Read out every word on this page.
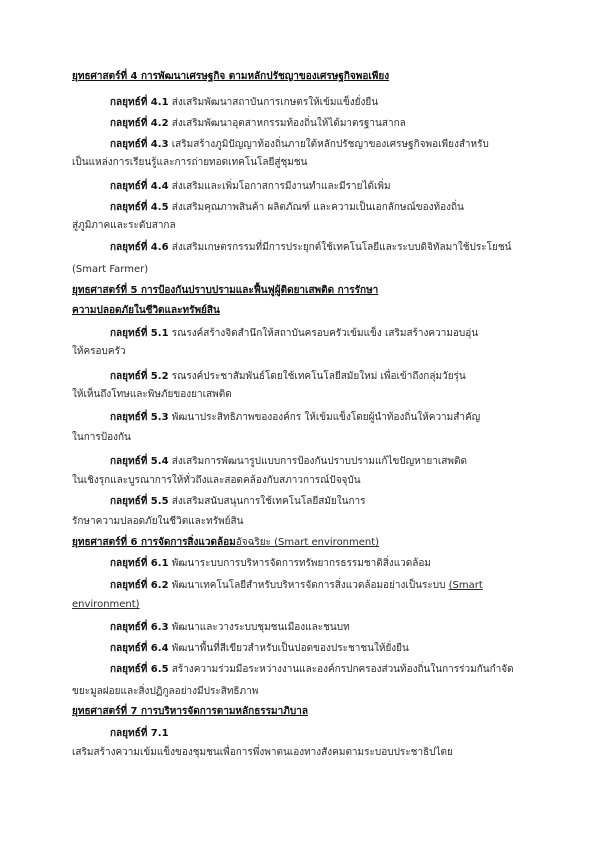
ยุทธศาสตร์ที่ 4 การพัฒนาเศรษฐกิจ ตามหลักปรัชญาของเศรษฐกิจพอเพียง
กลยุทธ์ที่ 4.1 ส่งเสริมพัฒนาสถาบันการเกษตรให้เข้มแข็งยั่งยืน
กลยุทธ์ที่ 4.2 ส่งเสริมพัฒนาอุตสาหกรรมท้องถิ่นให้ได้มาตรฐานสากล
กลยุทธ์ที่ 4.3 เสริมสร้างภูมิปัญญาท้องถิ่นภายใต้หลักปรัชญาของเศรษฐกิจพอเพียงสำหรับ
เป็นแหล่งการเรียนรู้และการถ่ายทอดเทคโนโลยีสู่ชุมชน
กลยุทธ์ที่ 4.4 ส่งเสริมและเพิ่มโอกาสการมีงานทำและมีรายได้เพิ่ม
กลยุทธ์ที่ 4.5 ส่งเสริมคุณภาพสินค้า ผลิตภัณฑ์ และความเป็นเอกลักษณ์ของท้องถิ่น
สู่ภูมิภาคและระดับสากล
กลยุทธ์ที่ 4.6 ส่งเสริมเกษตรกรรมที่มีการประยุกต์ใช้เทคโนโลยีและระบบดิจิทัลมาใช้ประโยชน์
(Smart Farmer)
ยุทธศาสตร์ที่ 5 การป้องกันปราบปรามและฟื้นฟูผู้ติดยาเสพติด การรักษา
ความปลอดภัยในชีวิตและทรัพย์สิน
กลยุทธ์ที่ 5.1 รณรงค์สร้างจิตสำนึกให้สถาบันครอบครัวเข้มแข็ง เสริมสร้างความอบอุ่น
ให้ครอบครัว
กลยุทธ์ที่ 5.2 รณรงค์ประชาสัมพันธ์โดยใช้เทคโนโลยีสมัยใหม่ เพื่อเข้าถึงกลุ่มวัยรุ่น
ให้เห็นถึงโทษและพิษภัยของยาเสพติด
กลยุทธ์ที่ 5.3 พัฒนาประสิทธิภาพขององค์กร ให้เข้มแข็งโดยผู้นำท้องถิ่นให้ความสำคัญ
ในการป้องกัน
กลยุทธ์ที่ 5.4 ส่งเสริมการพัฒนารูปแบบการป้องกันปราบปรามแก้ไขปัญหายาเสพติด
ในเชิงรุกและบูรณาการให้ทั่วถึงและสอดคล้องกับสภาวการณ์ปัจจุบัน
กลยุทธ์ที่ 5.5 ส่งเสริมสนับสนุนการใช้เทคโนโลยีสมัยในการ
รักษาความปลอดภัยในชีวิตและทรัพย์สิน
ยุทธศาสตร์ที่ 6 การจัดการสิ่งแวดล้อมอัจฉริยะ (Smart environment)
กลยุทธ์ที่ 6.1 พัฒนาระบบการบริหารจัดการทรัพยากรธรรมชาติสิ่งแวดล้อม
กลยุทธ์ที่ 6.2 พัฒนาเทคโนโลยีสำหรับบริหารจัดการสิ่งแวดล้อมอย่างเป็นระบบ (Smart
environment)
กลยุทธ์ที่ 6.3 พัฒนาและวางระบบชุมชนเมืองและชนบท
กลยุทธ์ที่ 6.4 พัฒนาพื้นที่สีเขียวสำหรับเป็นปอดของประชาชนให้ยั่งยืน
กลยุทธ์ที่ 6.5 สร้างความร่วมมือระหว่างงานและองค์กรปกครองส่วนท้องถิ่นในการร่วมกันกำจัด
ขยะมูลฝอยและสิ่งปฏิกูลอย่างมีประสิทธิภาพ
ยุทธศาสตร์ที่ 7 การบริหารจัดการตามหลักธรรมาภิบาล
กลยุทธ์ที่ 7.1
เสริมสร้างความเข้มแข็งของชุมชนเพื่อการพึ่งพาตนเองทางสังคมตามระบอบประชาธิปไตย
